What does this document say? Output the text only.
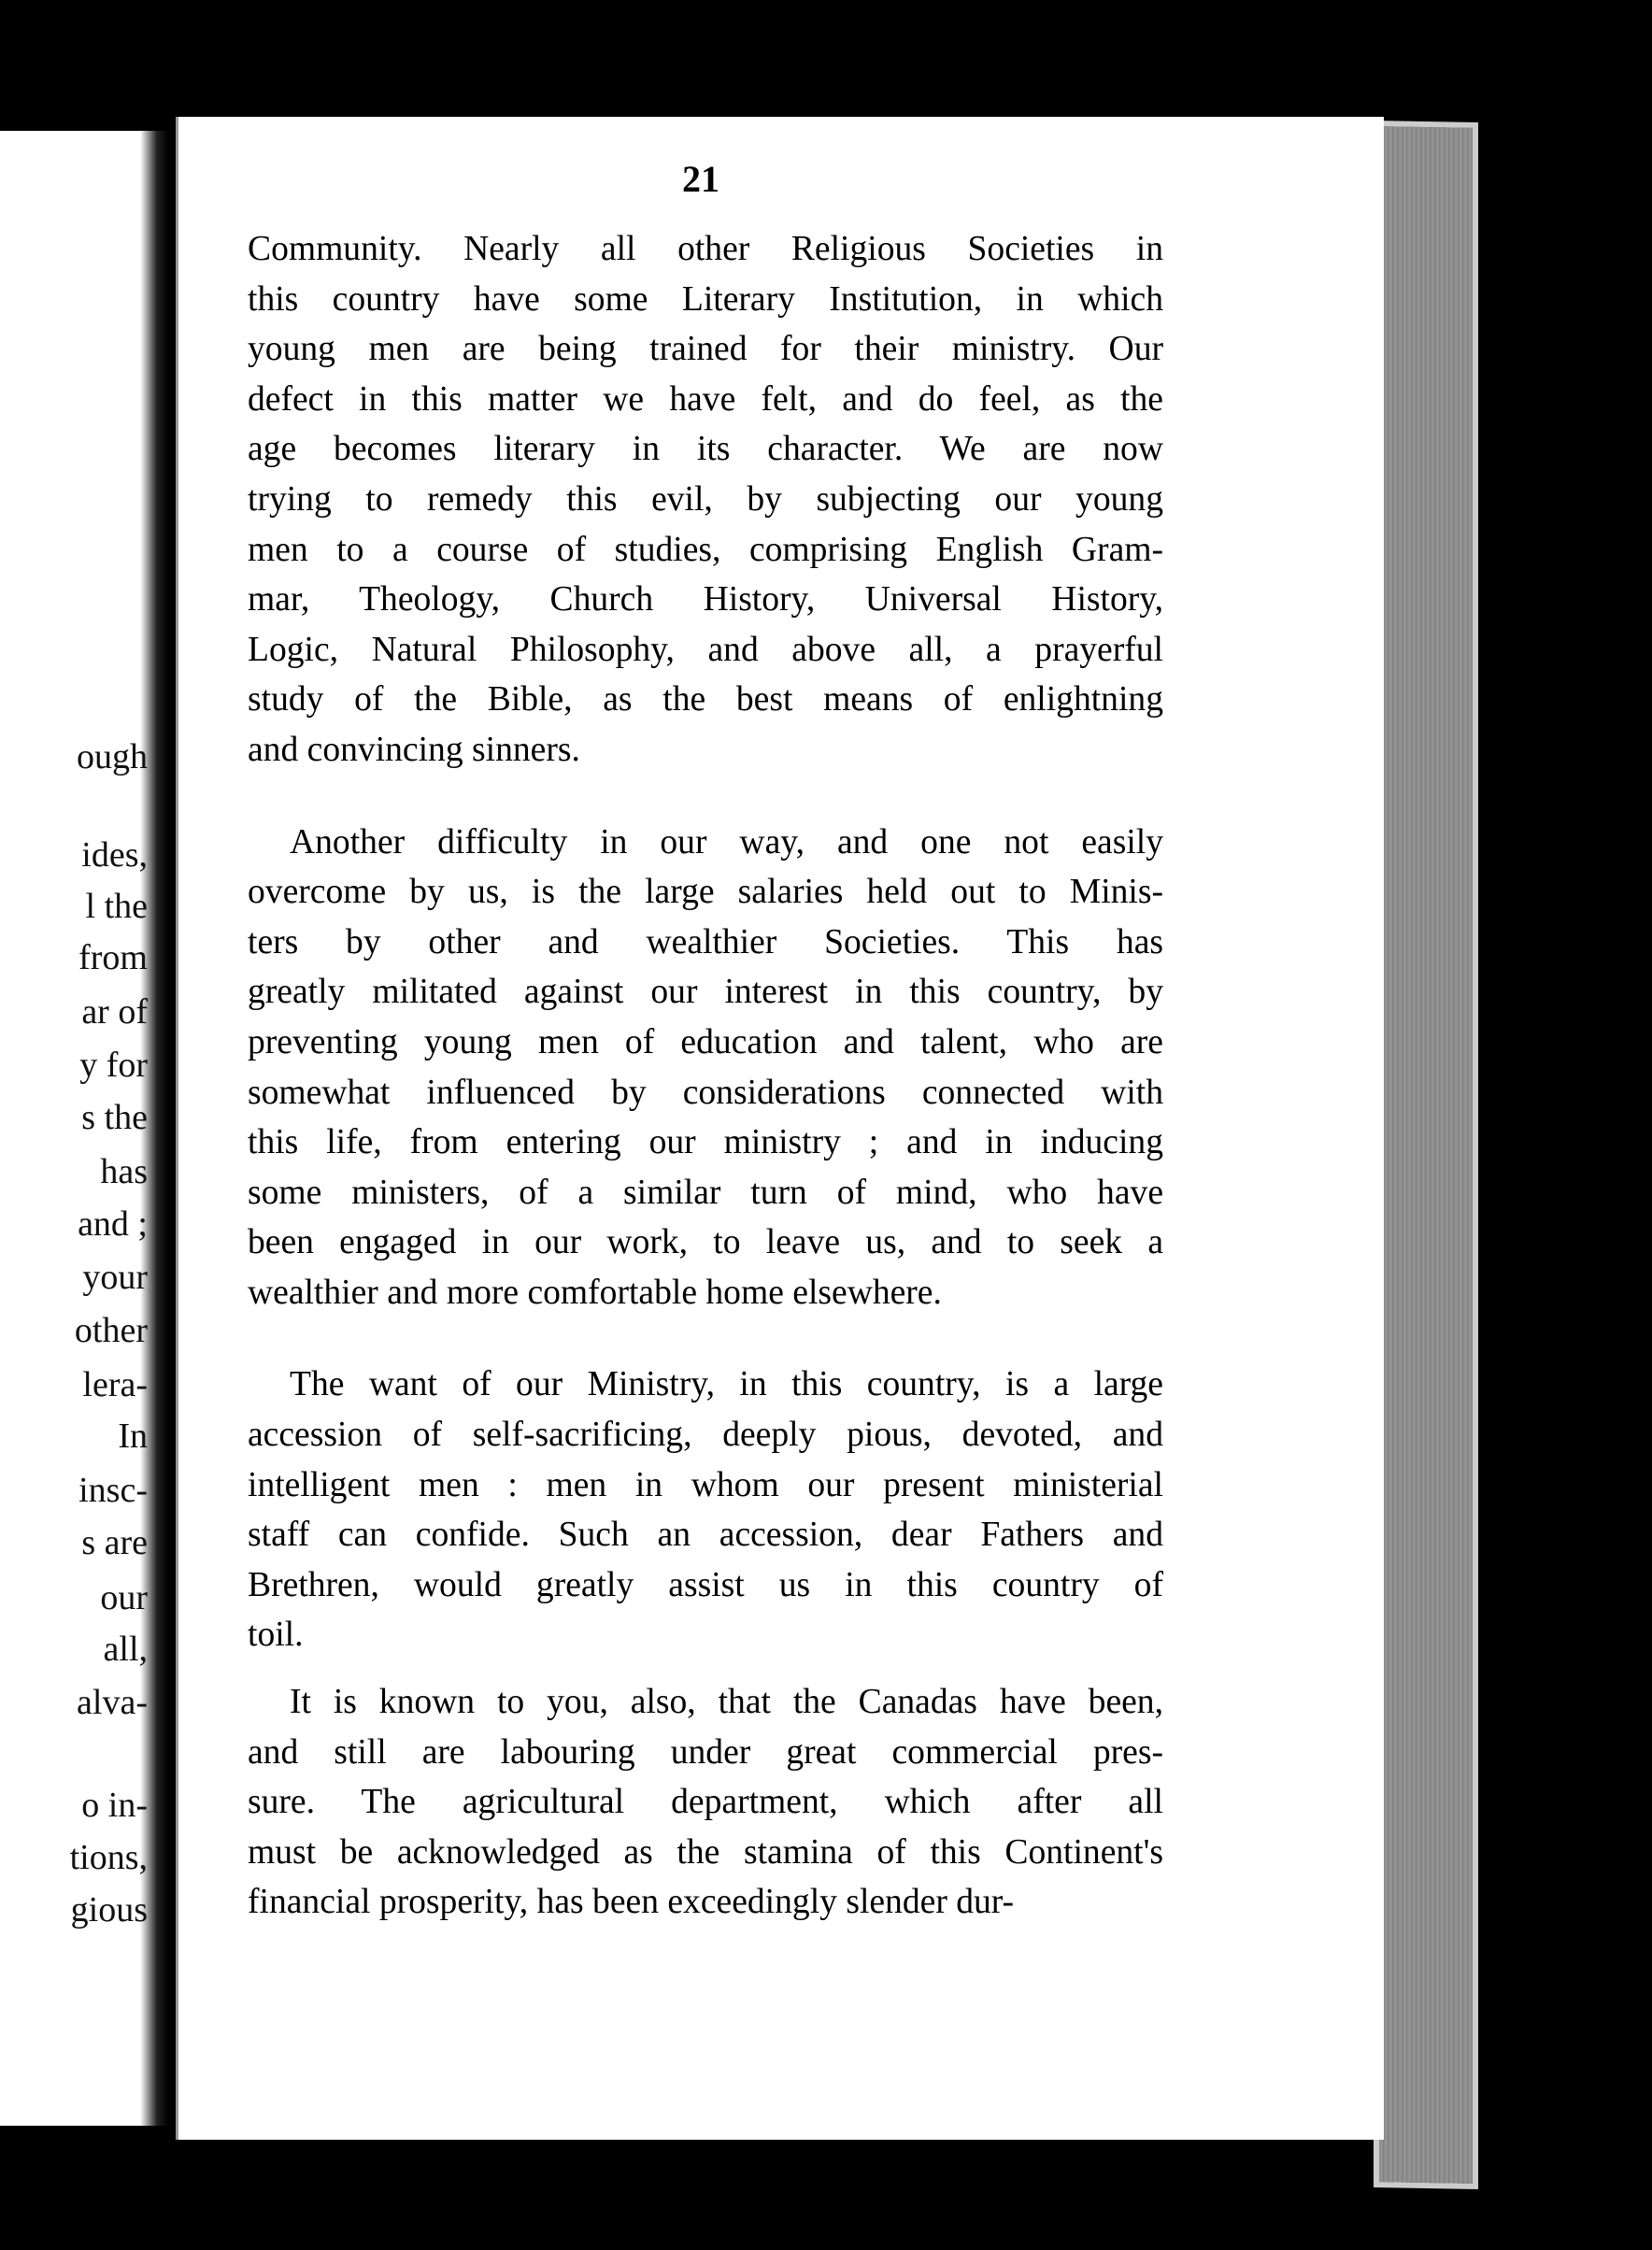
ough
ides,
l the
from
ar of
y for
s the
has
and ;
your
other
lera-
In
insc-
s are
our
all,
alva-
o in-
tions,
gious
21
Community. Nearly all other Religious Societies in
this country have some Literary Institution, in which
young men are being trained for their ministry. Our
defect in this matter we have felt, and do feel, as the
age becomes literary in its character. We are now
trying to remedy this evil, by subjecting our young
men to a course of studies, comprising English Gram-
mar, Theology, Church History, Universal History,
Logic, Natural Philosophy, and above all, a prayerful
study of the Bible, as the best means of enlightning
and convincing sinners.
Another difficulty in our way, and one not easily
overcome by us, is the large salaries held out to Minis-
ters by other and wealthier Societies. This has
greatly militated against our interest in this country, by
preventing young men of education and talent, who are
somewhat influenced by considerations connected with
this life, from entering our ministry ; and in inducing
some ministers, of a similar turn of mind, who have
been engaged in our work, to leave us, and to seek a
wealthier and more comfortable home elsewhere.
The want of our Ministry, in this country, is a large
accession of self-sacrificing, deeply pious, devoted, and
intelligent men : men in whom our present ministerial
staff can confide. Such an accession, dear Fathers and
Brethren, would greatly assist us in this country of
toil.
It is known to you, also, that the Canadas have been,
and still are labouring under great commercial pres-
sure. The agricultural department, which after all
must be acknowledged as the stamina of this Continent's
financial prosperity, has been exceedingly slender dur-
